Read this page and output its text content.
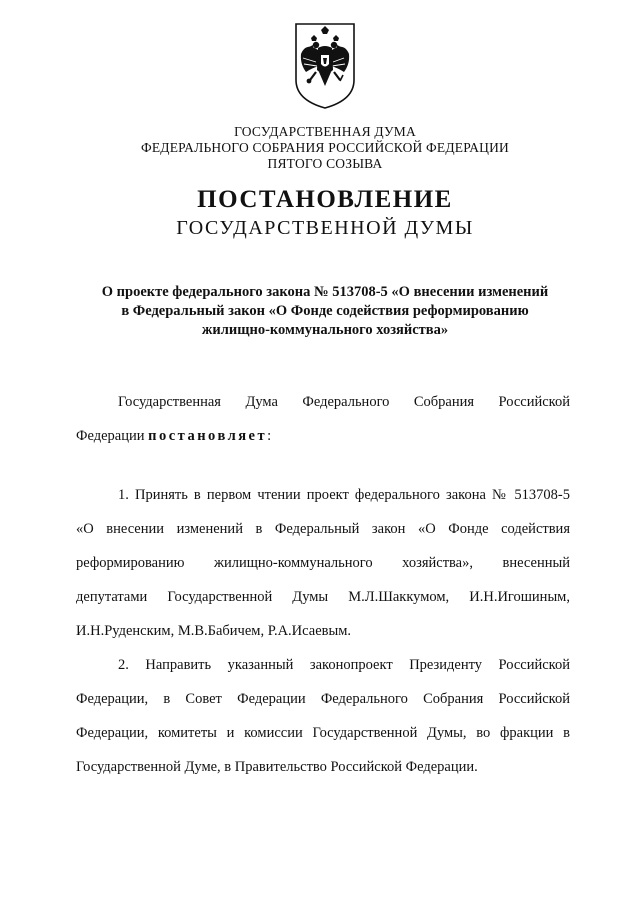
ГОСУДАРСТВЕННАЯ ДУМА
ФЕДЕРАЛЬНОГО СОБРАНИЯ РОССИЙСКОЙ ФЕДЕРАЦИИ
ПЯТОГО СОЗЫВА
ПОСТАНОВЛЕНИЕ
ГОСУДАРСТВЕННОЙ ДУМЫ
О проекте федерального закона № 513708-5 «О внесении изменений
в Федеральный закон «О Фонде содействия реформированию
жилищно-коммунального хозяйства»
Государственная Дума Федерального Собрания Российской
Федерации постановляет:
1. Принять в первом чтении проект федерального закона № 513708-5
«О внесении изменений в Федеральный закон «О Фонде содействия
реформированию жилищно-коммунального хозяйства», внесенный
депутатами Государственной Думы М.Л.Шаккумом, И.Н.Игошиным,
И.Н.Руденским, М.В.Бабичем, Р.А.Исаевым.
2. Направить указанный законопроект Президенту Российской
Федерации, в Совет Федерации Федерального Собрания Российской
Федерации, комитеты и комиссии Государственной Думы, во фракции в
Государственной Думе, в Правительство Российской Федерации.
